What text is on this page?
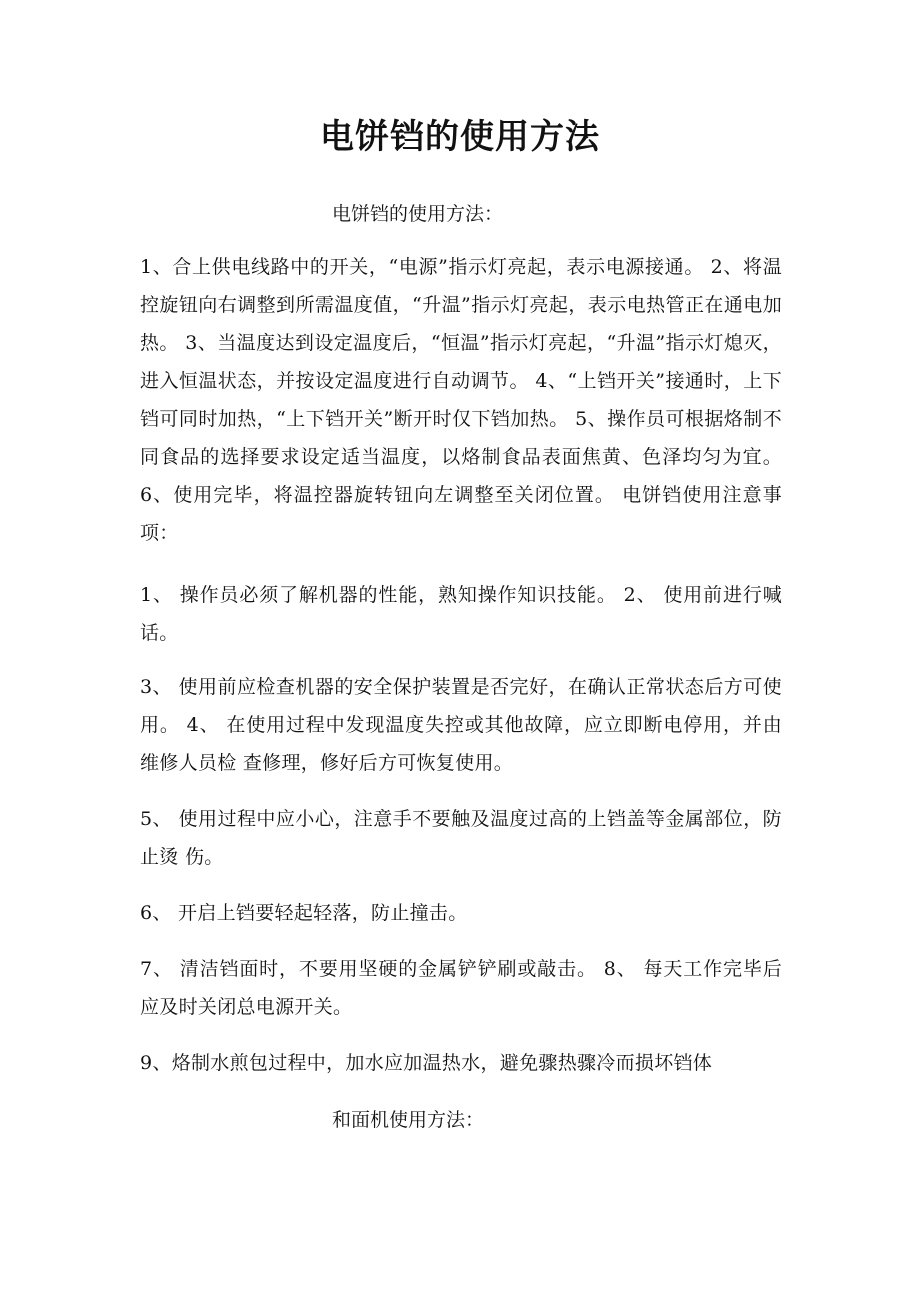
电饼铛的使用方法
电饼铛的使用方法：

1、合上供电线路中的开关，“电源”指示灯亮起，表示电源接通。 2、将温控旋钮向右调整到所需温度值，“升温”指示灯亮起，表示电热管正在通电加热。 3、当温度达到设定温度后，“恒温”指示灯亮起，“升温”指示灯熄灭，进入恒温状态，并按设定温度进行自动调节。 4、“上铛开关”接通时，上下铛可同时加热，“上下铛开关”断开时仅下铛加热。 5、操作员可根据烙制不同食品的选择要求设定适当温度，以烙制食品表面焦黄、色泽均匀为宜。 6、使用完毕，将温控器旋转钮向左调整至关闭位置。 电饼铛使用注意事项：

1、 操作员必须了解机器的性能，熟知操作知识技能。 2、 使用前进行喊话。

3、 使用前应检查机器的安全保护装置是否完好，在确认正常状态后方可使用。 4、 在使用过程中发现温度失控或其他故障，应立即断电停用，并由维修人员检 查修理，修好后方可恢复使用。

5、 使用过程中应小心，注意手不要触及温度过高的上铛盖等金属部位，防止烫 伤。

6、 开启上铛要轻起轻落，防止撞击。

7、 清洁铛面时，不要用坚硬的金属铲铲刷或敲击。 8、 每天工作完毕后应及时关闭总电源开关。

9、烙制水煎包过程中，加水应加温热水，避免骤热骤冷而损坏铛体

和面机使用方法：
